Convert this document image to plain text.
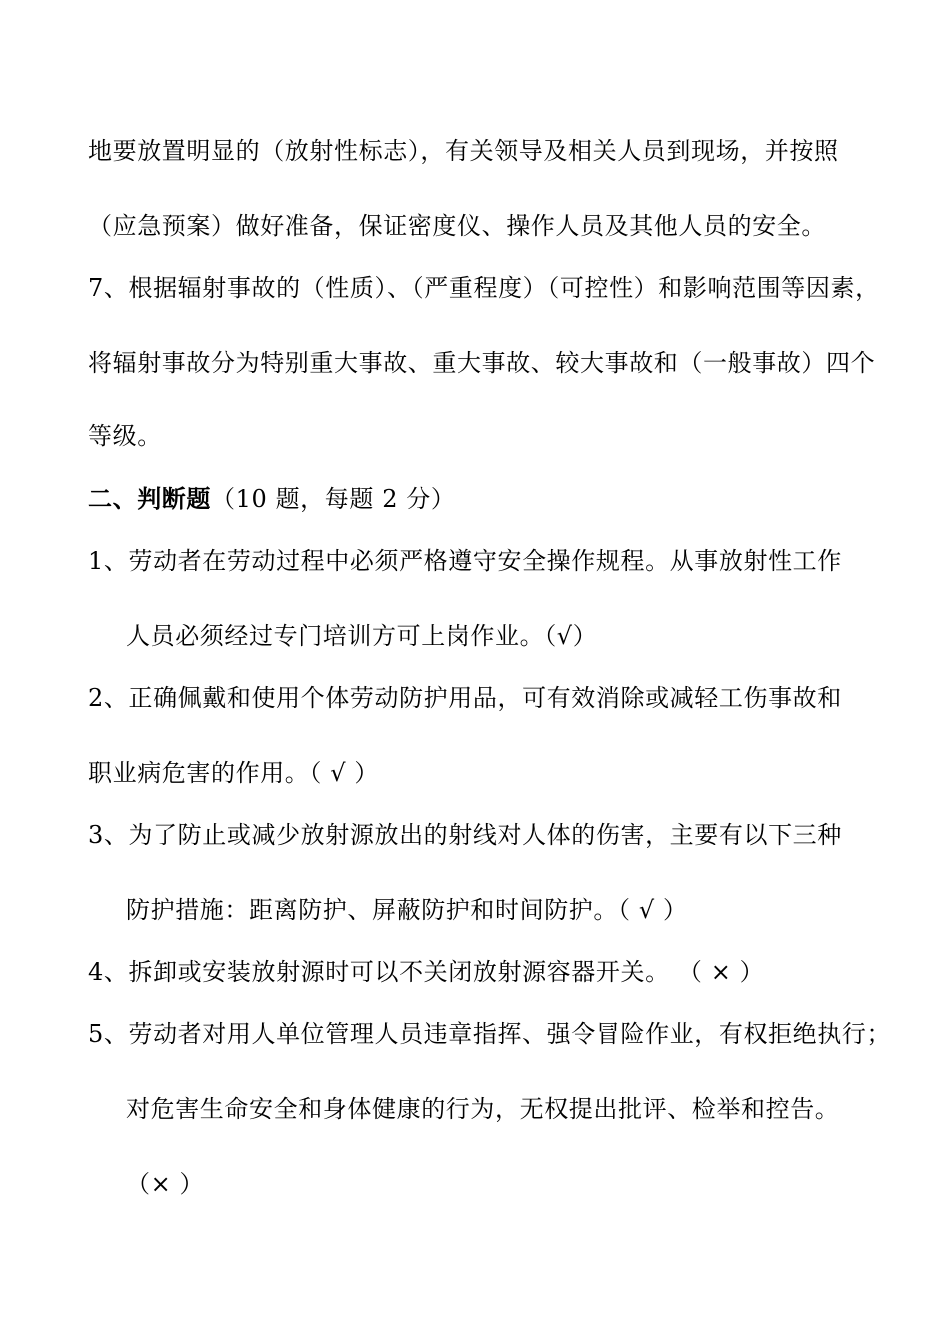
地要放置明显的（放射性标志），有关领导及相关人员到现场，并按照
（应急预案）做好准备，保证密度仪、操作人员及其他人员的安全。
7、根据辐射事故的（性质）、（严重程度）（可控性）和影响范围等因素，
将辐射事故分为特别重大事故、重大事故、较大事故和（一般事故）四个
等级。
二、判断题（10 题，每题 2 分）
1、劳动者在劳动过程中必须严格遵守安全操作规程。从事放射性工作
人员必须经过专门培训方可上岗作业。（√）
2、正确佩戴和使用个体劳动防护用品，可有效消除或减轻工伤事故和
职业病危害的作用。（ √ ）
3、为了防止或减少放射源放出的射线对人体的伤害，主要有以下三种
防护措施：距离防护、屏蔽防护和时间防护。（ √ ）
4、拆卸或安装放射源时可以不关闭放射源容器开关。 （ × ）
5、劳动者对用人单位管理人员违章指挥、强令冒险作业，有权拒绝执行；
对危害生命安全和身体健康的行为，无权提出批评、检举和控告。
（× ）
